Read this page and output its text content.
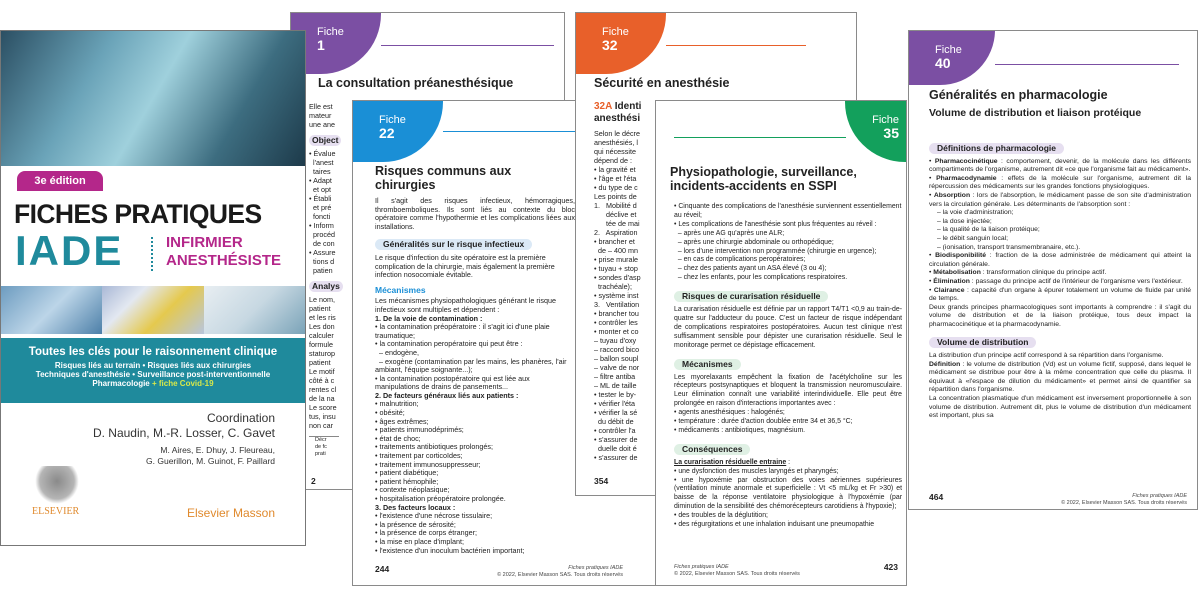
Fiche
1
La consultation préanesthésique
Elle est
mateur
une ane
Object
• Évalue
l'anest
taires
• Adapt
et opt
• Établi
et pré
foncti
• Inform
procéd
de con
• Assure
tions d
patien
Analys
Le nom,
patient
et les ris
Les don
calculer
formule
staturop
patient
Le motif
côté à c
rentes cl
de la na
Le score
tus, insu
non car
Décr
de fc
prati
2
Fiche
22
Risques communs aux chirurgies
Il s'agit des risques infectieux, hémorragiques, thromboemboliques. Ils sont liés au contexte du bloc opératoire comme l'hypothermie et les complications liées aux installations.
Généralités sur le risque infectieux
Le risque d'infection du site opératoire est la première complication de la chirurgie, mais également la première infection nosocomiale évitable.
Mécanismes
Les mécanismes physiopathologiques générant le risque infectieux sont multiples et dépendent :
1. De la voie de contamination :
• la contamination préopératoire : il s'agit ici d'une plaie traumatique;
• la contamination peropératoire qui peut être :
– endogène,
– exogène (contamination par les mains, les phanères, l'air ambiant, l'équipe soignante...);
• la contamination postopératoire qui est liée aux manipulations de drains de pansements...
2. De facteurs généraux liés aux patients :
• malnutrition;
• obésité;
• âges extrêmes;
• patients immunodéprimés;
• état de choc;
• traitements antibiotiques prolongés;
• traitement par corticoïdes;
• traitement immunosuppresseur;
• patient diabétique;
• patient hémophile;
• contexte néoplasique;
• hospitalisation préopératoire prolongée.
3. Des facteurs locaux :
• l'existence d'une nécrose tissulaire;
• la présence de sérosité;
• la présence de corps étranger;
• la mise en place d'implant;
• l'existence d'un inoculum bactérien important;
244	Fiches pratiques IADE
© 2022, Elsevier Masson SAS. Tous droits réservés
Fiche
32
Sécurité en anesthésie
32A Identi
anesthési
Selon le décre
anesthésiés, l
qui nécessite
dépend de :
• la gravité et
• l'âge et l'éta
• du type de c
Les points de
1.   Mobilité d
déclive et
tée de mai
2.   Aspiration
• brancher et
de – 400 mn
• prise murale
• tuyau + stop
• sondes d'asp
trachéale);
• système inst
3.   Ventilation
• brancher tou
• contrôler les
• monter et co
– tuyau d'oxy
– raccord bico
– ballon soupl
– valve de nor
– filtre antiba
– ML de taille
• tester le by-
• vérifier l'éta
• vérifier la sé
du débit de
• contrôler l'a
• s'assurer de
duelle doit é
• s'assurer de
354
Fiche
35
Physiopathologie, surveillance, incidents-accidents en SSPI
• Cinquante des complications de l'anesthésie surviennent essentiellement au réveil;
• Les complications de l'anesthésie sont plus fréquentes au réveil :
– après une AG qu'après une ALR;
– après une chirurgie abdominale ou orthopédique;
– lors d'une intervention non programmée (chirurgie en urgence);
– en cas de complications peropératoires;
– chez des patients ayant un ASA élevé (3 ou 4);
– chez les enfants, pour les complications respiratoires.
Risques de curarisation résiduelle
La curarisation résiduelle est définie par un rapport T4/T1 <0,9 au train-de-quatre sur l'adducteur du pouce. C'est un facteur de risque indépendant de complications respiratoires postopératoires. Aucun test clinique n'est suffisamment sensible pour dépister une curarisation résiduelle. Seul le monitorage permet ce dépistage efficacement.
Mécanismes
Les myorelaxants empêchent la fixation de l'acétylcholine sur les récepteurs postsynaptiques et bloquent la transmission neuromusculaire. Leur élimination connaît une variabilité interindividuelle. Elle peut être prolongée en raison d'interactions importantes avec :
• agents anesthésiques : halogénés;
• température : durée d'action doublée entre 34 et 36,5 °C;
• médicaments : antibiotiques, magnésium.
Conséquences
La curarisation résiduelle entraine :
• une dysfonction des muscles laryngés et pharyngés;
• une hypoxémie par obstruction des voies aériennes supérieures (ventilation minute anormale et superficielle : Vt <5 mL/kg et Fr >30) et baisse de la réponse ventilatoire physiologique à l'hypoxémie (par diminution de la sensibilité des chémorécepteurs carotidiens à l'hypoxie);
• des troubles de la déglutition;
• des régurgitations et une inhalation induisant une pneumopathie
Fiches pratiques IADE
© 2022, Elsevier Masson SAS. Tous droits réservés
423
Fiche
40
Généralités en pharmacologie
Volume de distribution et liaison protéique
Définitions de pharmacologie
• Pharmacocinétique : comportement, devenir, de la molécule dans les différents compartiments de l'organisme, autrement dit «ce que l'organisme fait au médicament».
• Pharmacodynamie : effets de la molécule sur l'organisme, autrement dit la répercussion des médicaments sur les grandes fonctions physiologiques.
• Absorption : lors de l'absorption, le médicament passe de son site d'administration vers la circulation générale. Les déterminants de l'absorption sont :
– la voie d'administration;
– la dose injectée;
– la qualité de la liaison protéique;
– le débit sanguin local;
– (ionisation, transport transmembranaire, etc.).
• Biodisponibilité : fraction de la dose administrée de médicament qui atteint la circulation générale.
• Métabolisation : transformation clinique du principe actif.
• Élimination : passage du principe actif de l'intérieur de l'organisme vers l'extérieur.
• Clairance : capacité d'un organe à épurer totalement un volume de fluide par unité de temps.
Deux grands principes pharmacologiques sont importants à comprendre : il s'agit du volume de distribution et de la liaison protéique, tous deux impact la pharmacocinétique et la pharmacodynamie.
Volume de distribution
La distribution d'un principe actif correspond à sa répartition dans l'organisme.
Définition : le volume de distribution (Vd) est un volume fictif, supposé, dans lequel le médicament se distribue pour être à la même concentration que celle du plasma. Il équivaut à «l'espace de dilution du médicament» et permet ainsi de quantifier sa répartition dans l'organisme.
La concentration plasmatique d'un médicament est inversement proportionnelle à son volume de distribution. Autrement dit, plus le volume de distribution d'un médicament est important, plus sa
464	Fiches pratiques IADE
© 2022, Elsevier Masson SAS. Tous droits réservés
3e édition
FICHES PRATIQUES
IADE	INFIRMIER
ANESTHÉSISTE
Toutes les clés pour le raisonnement clinique
Risques liés au terrain • Risques liés aux chirurgies
Techniques d'anesthésie • Surveillance post-interventionnelle
Pharmacologie + fiche Covid-19
Coordination
D. Naudin, M.-R. Losser, C. Gavet
M. Aires, E. Dhuy, J. Fleureau,
G. Guerillon, M. Guinot, F. Paillard
ELSEVIER	Elsevier Masson
